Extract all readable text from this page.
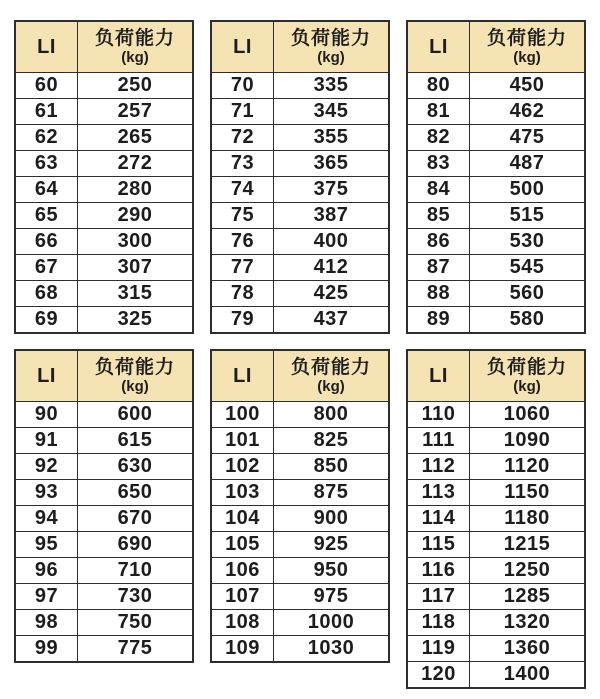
LI	负荷能力
(kg)

60	250
61	257
62	265
63	272
64	280
65	290
66	300
67	307
68	315
69	325
LI	负荷能力
(kg)

70	335
71	345
72	355
73	365
74	375
75	387
76	400
77	412
78	425
79	437
LI	负荷能力
(kg)

80	450
81	462
82	475
83	487
84	500
85	515
86	530
87	545
88	560
89	580
LI	负荷能力
(kg)

90	600
91	615
92	630
93	650
94	670
95	690
96	710
97	730
98	750
99	775
LI	负荷能力
(kg)

100	800
101	825
102	850
103	875
104	900
105	925
106	950
107	975
108	1000
109	1030
LI	负荷能力
(kg)

110	1060
111	1090
112	1120
113	1150
114	1180
115	1215
116	1250
117	1285
118	1320
119	1360
120	1400
